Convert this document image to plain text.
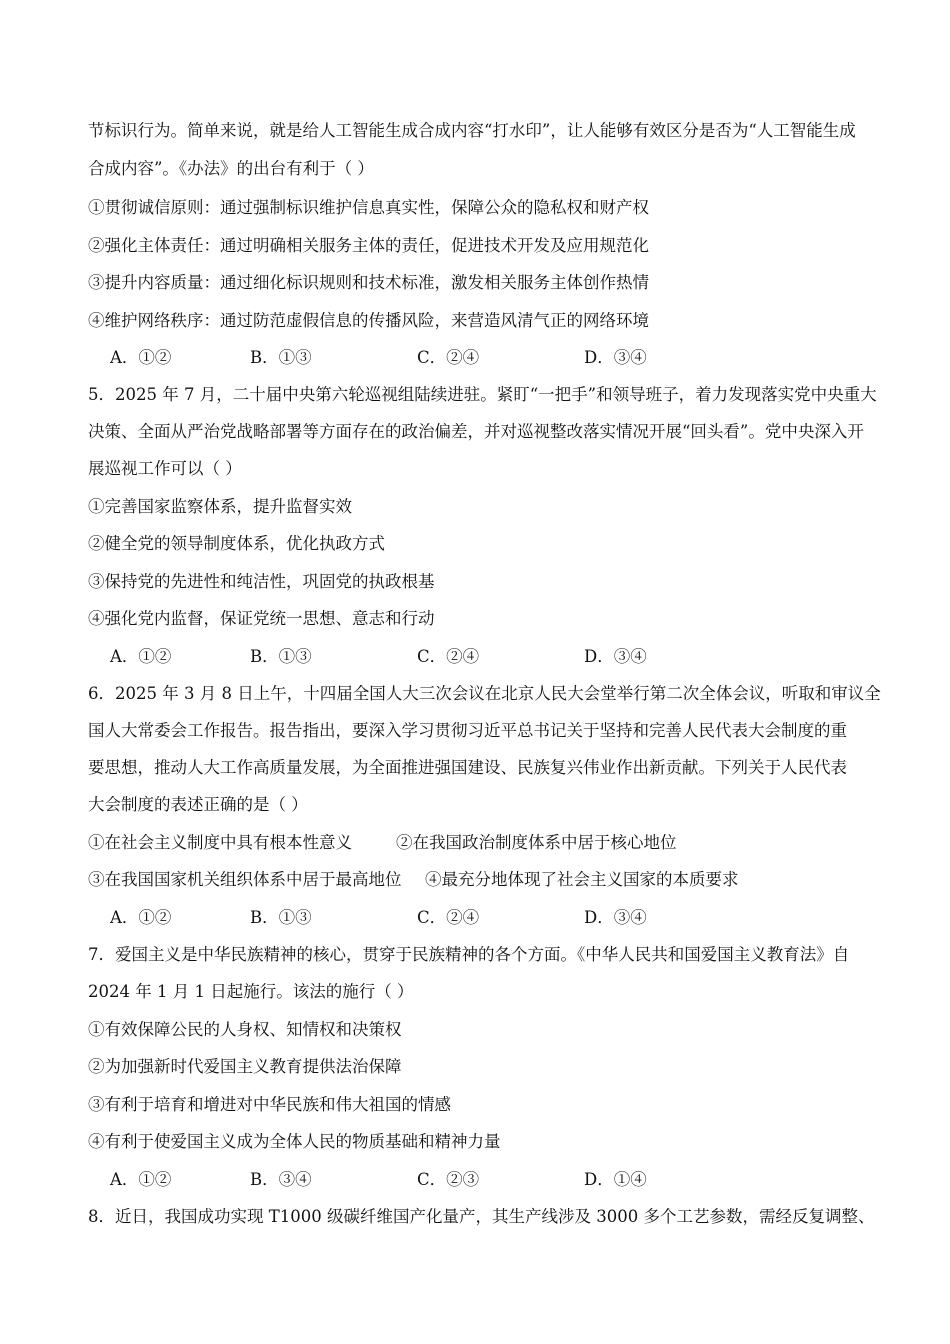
节标识行为。简单来说，就是给人工智能生成合成内容“打水印”，让人能够有效区分是否为“人工智能生成
合成内容”。《办法》的出台有利于（ ）
①贯彻诚信原则：通过强制标识维护信息真实性，保障公众的隐私权和财产权
②强化主体责任：通过明确相关服务主体的责任，促进技术开发及应用规范化
③提升内容质量：通过细化标识规则和技术标准，激发相关服务主体创作热情
④维护网络秩序：通过防范虚假信息的传播风险，来营造风清气正的网络环境
A．①②	B．①③	C．②④	D．③④
5．2025 年 7 月，二十届中央第六轮巡视组陆续进驻。紧盯“一把手”和领导班子，着力发现落实党中央重大
决策、全面从严治党战略部署等方面存在的政治偏差，并对巡视整改落实情况开展“回头看”。党中央深入开
展巡视工作可以（ ）
①完善国家监察体系，提升监督实效
②健全党的领导制度体系，优化执政方式
③保持党的先进性和纯洁性，巩固党的执政根基
④强化党内监督，保证党统一思想、意志和行动
A．①②	B．①③	C．②④	D．③④
6．2025 年 3 月 8 日上午，十四届全国人大三次会议在北京人民大会堂举行第二次全体会议，听取和审议全
国人大常委会工作报告。报告指出，要深入学习贯彻习近平总书记关于坚持和完善人民代表大会制度的重
要思想，推动人大工作高质量发展，为全面推进强国建设、民族复兴伟业作出新贡献。下列关于人民代表
大会制度的表述正确的是（ ）
①在社会主义制度中具有根本性意义	②在我国政治制度体系中居于核心地位
③在我国国家机关组织体系中居于最高地位 ④最充分地体现了社会主义国家的本质要求
A．①②	B．①③	C．②④	D．③④
7．爱国主义是中华民族精神的核心，贯穿于民族精神的各个方面。《中华人民共和国爱国主义教育法》自
2024 年 1 月 1 日起施行。该法的施行（ ）
①有效保障公民的人身权、知情权和决策权
②为加强新时代爱国主义教育提供法治保障
③有利于培育和增进对中华民族和伟大祖国的情感
④有利于使爱国主义成为全体人民的物质基础和精神力量
A．①②	B．③④	C．②③	D．①④
8．近日，我国成功实现 T1000 级碳纤维国产化量产，其生产线涉及 3000 多个工艺参数，需经反复调整、
